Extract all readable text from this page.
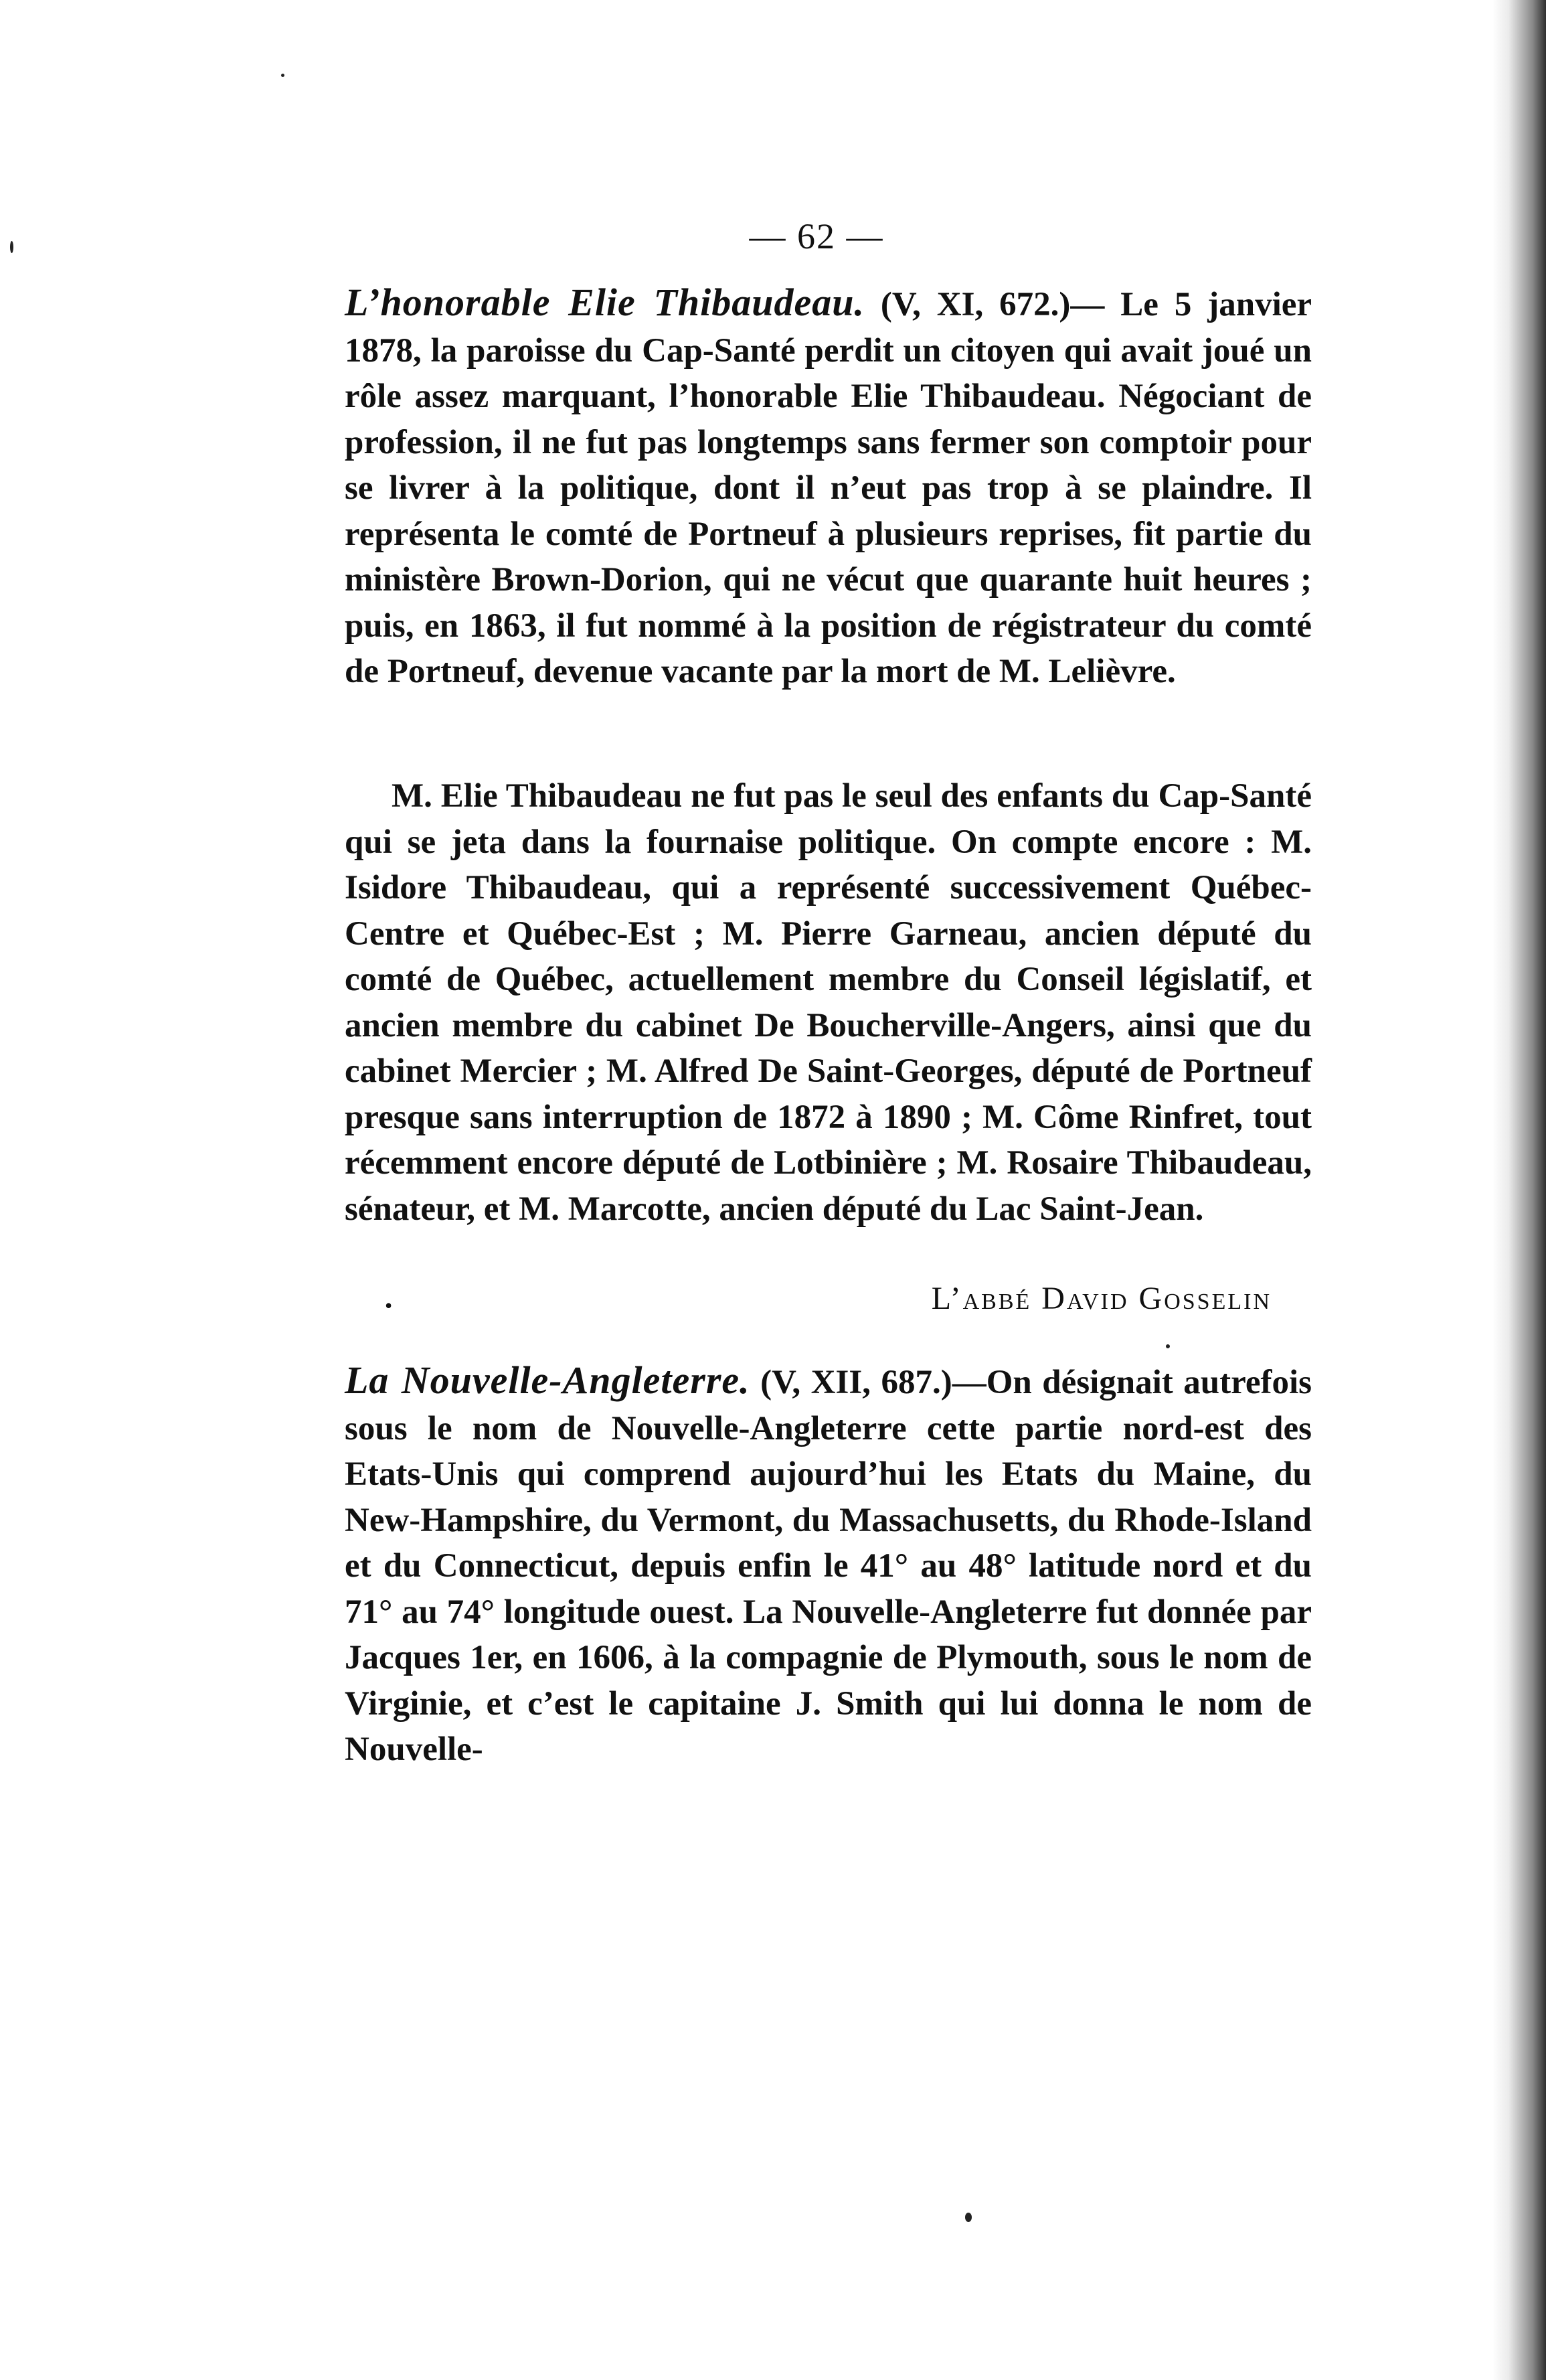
— 62 —
L’honorable Elie Thibaudeau. (V, XI, 672.)— Le 5 janvier 1878, la paroisse du Cap-Santé perdit un citoyen qui avait joué un rôle assez marquant, l’honorable Elie Thibaudeau. Négociant de profession, il ne fut pas longtemps sans fermer son comptoir pour se livrer à la politique, dont il n’eut pas trop à se plaindre. Il représenta le comté de Portneuf à plusieurs reprises, fit partie du ministère Brown-Dorion, qui ne vécut que quarante huit heures ; puis, en 1863, il fut nommé à la position de régistrateur du comté de Portneuf, devenue vacante par la mort de M. Lelièvre.
M. Elie Thibaudeau ne fut pas le seul des enfants du Cap-Santé qui se jeta dans la fournaise politique. On compte encore : M. Isidore Thibaudeau, qui a représenté successivement Québec-Centre et Québec-Est ; M. Pierre Garneau, ancien député du comté de Québec, actuellement membre du Conseil législatif, et ancien membre du cabinet De Boucherville-Angers, ainsi que du cabinet Mercier ; M. Alfred De Saint-Georges, député de Portneuf presque sans interruption de 1872 à 1890 ; M. Côme Rinfret, tout récemment encore député de Lotbinière ; M. Rosaire Thibaudeau, sénateur, et M. Marcotte, ancien député du Lac Saint-Jean.
•	L’abbé David Gosselin
La Nouvelle-Angleterre. (V, XII, 687.)—On désignait autrefois sous le nom de Nouvelle-Angleterre cette partie nord-est des Etats-Unis qui comprend aujourd’hui les Etats du Maine, du New-Hampshire, du Vermont, du Massachusetts, du Rhode-Island et du Connecticut, depuis enfin le 41° au 48° latitude nord et du 71° au 74° longitude ouest. La Nouvelle-Angleterre fut donnée par Jacques 1er, en 1606, à la compagnie de Plymouth, sous le nom de Virginie, et c’est le capitaine J. Smith qui lui donna le nom de Nouvelle-
